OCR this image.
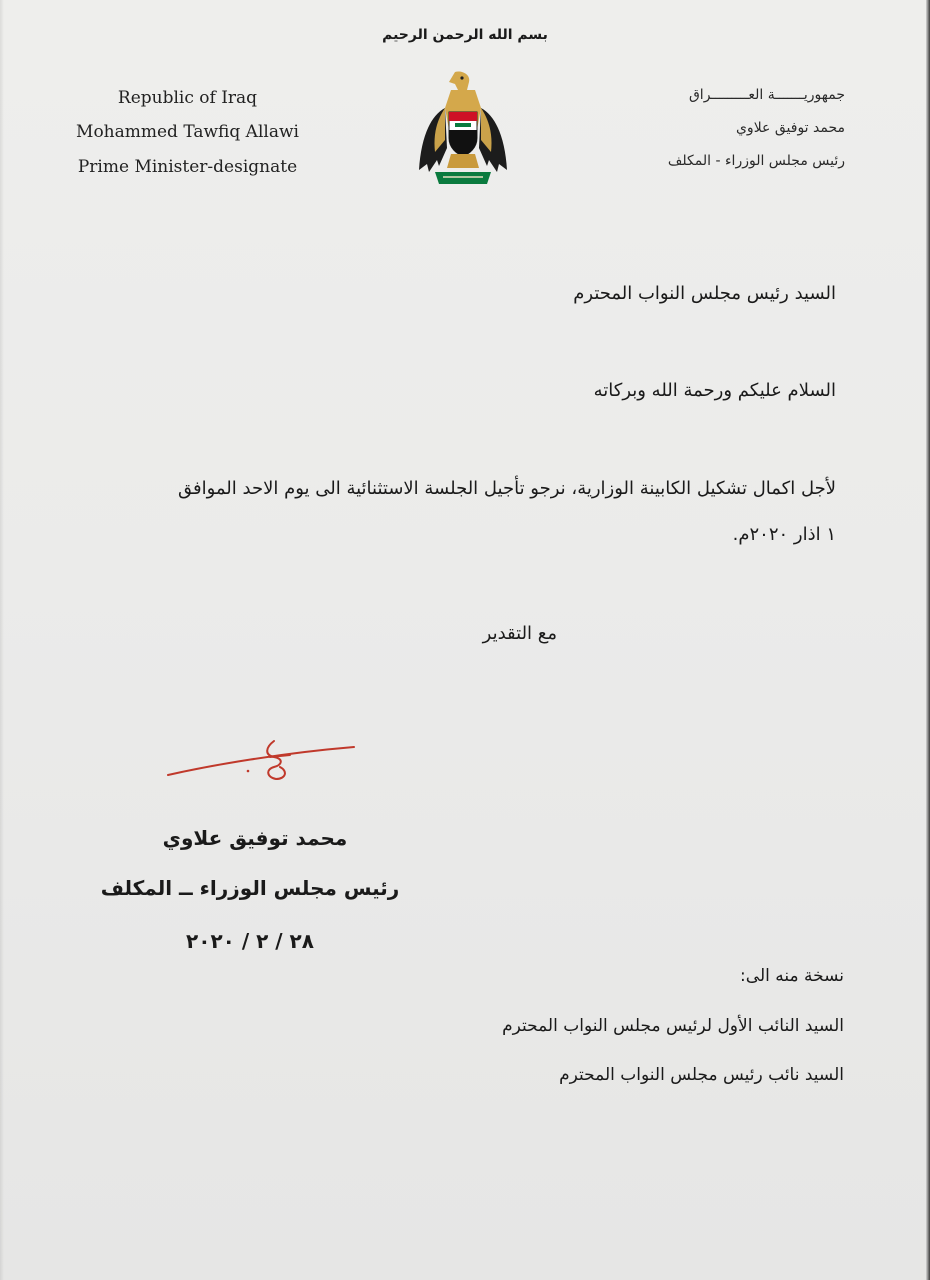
بسم الله الرحمن الرحيم

Republic of Iraq

Mohammed Tawfiq Allawi

Prime Minister-designate

جمهوريـــــــة العـــــــــراق

محمد توفيق علاوي

رئيس مجلس الوزراء - المكلف

السيد رئيس مجلس النواب المحترم

السلام عليكم ورحمة الله وبركاته

لأجل اكمال تشكيل الكابينة الوزارية، نرجو تأجيل الجلسة الاستثنائية الى يوم الاحد الموافق

١ اذار ٢٠٢٠م.

مع التقدير

محمد توفيق علاوي

رئيس مجلس الوزراء ــ المكلف

٢٨ / ٢ / ٢٠٢٠

نسخة منه الى:

السيد النائب الأول لرئيس مجلس النواب المحترم

السيد نائب رئيس مجلس النواب المحترم
